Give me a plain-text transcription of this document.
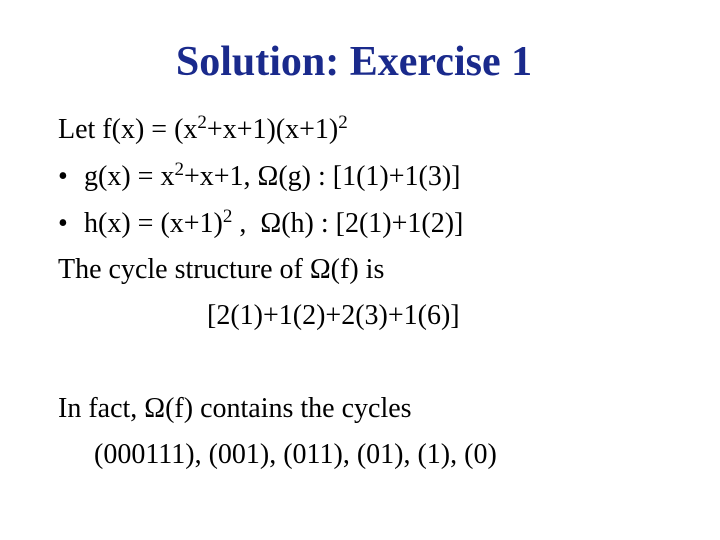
Solution: Exercise 1
Let $f(x) = (x^2+x+1)(x+1)^2$
• $g(x) = x^2+x+1$, Ω(g) : [1(1)+1(3)]
• $h(x) = (x+1)^2$ ,  Ω(h) : [2(1)+1(2)]
The cycle structure of Ω(f) is
[2(1)+1(2)+2(3)+1(6)]
In fact, Ω(f) contains the cycles
(000111), (001), (011), (01), (1), (0)
